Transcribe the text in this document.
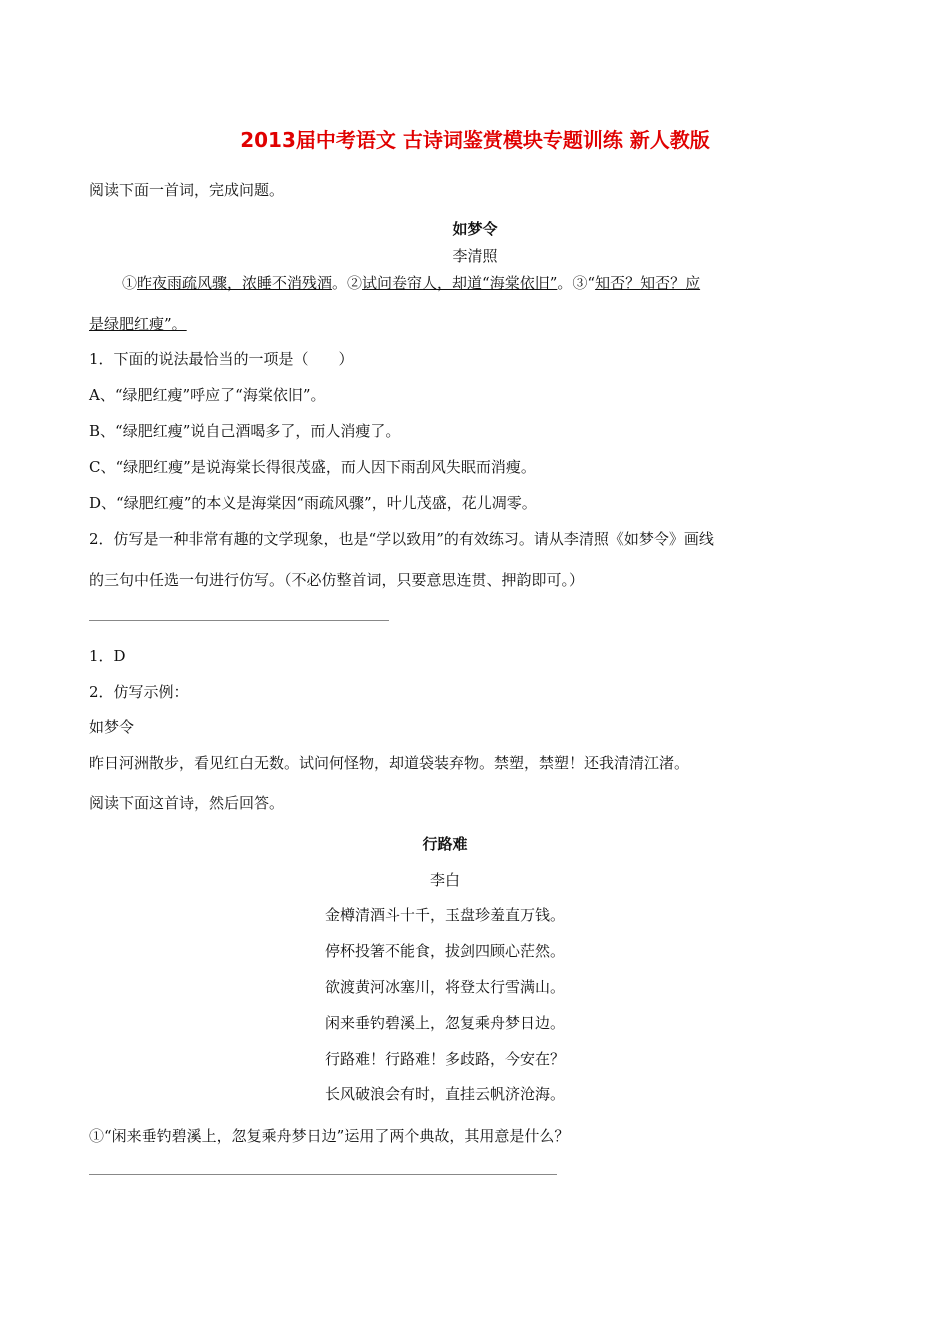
2013届中考语文 古诗词鉴赏模块专题训练 新人教版
阅读下面一首词，完成问题。
如梦令
李清照
①昨夜雨疏风骤，浓睡不消残酒。②试问卷帘人，却道“海棠依旧”。③“知否？知否？应
是绿肥红瘦”。
1．下面的说法最恰当的一项是（　　）
A、“绿肥红瘦”呼应了“海棠依旧”。
B、“绿肥红瘦”说自己酒喝多了，而人消瘦了。
C、“绿肥红瘦”是说海棠长得很茂盛，而人因下雨刮风失眠而消瘦。
D、“绿肥红瘦”的本义是海棠因“雨疏风骤”，叶儿茂盛，花儿凋零。
2．仿写是一种非常有趣的文学现象，也是“学以致用”的有效练习。请从李清照《如梦令》画线
的三句中任选一句进行仿写。（不必仿整首词，只要意思连贯、押韵即可。）
1．D
2．仿写示例：
如梦令
昨日河洲散步，看见红白无数。试问何怪物，却道袋装弃物。禁塑，禁塑！还我清清江渚。
阅读下面这首诗，然后回答。
行路难
李白
金樽清酒斗十千，玉盘珍羞直万钱。
停杯投箸不能食，拔剑四顾心茫然。
欲渡黄河冰塞川，将登太行雪满山。
闲来垂钓碧溪上，忽复乘舟梦日边。
行路难！行路难！多歧路，今安在？
长风破浪会有时，直挂云帆济沧海。
①“闲来垂钓碧溪上，忽复乘舟梦日边”运用了两个典故，其用意是什么？
